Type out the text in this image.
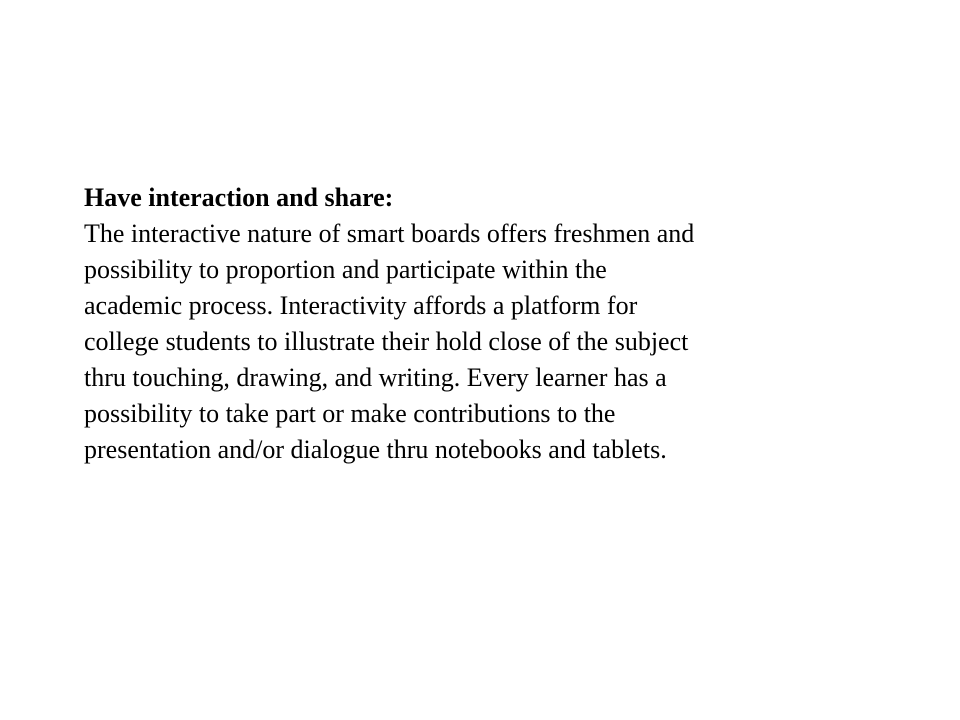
Have interaction and share:

The interactive nature of smart boards offers freshmen and

possibility to proportion and participate within the

academic process. Interactivity affords a platform for

college students to illustrate their hold close of the subject

thru touching, drawing, and writing. Every learner has a

possibility to take part or make contributions to the

presentation and/or dialogue thru notebooks and tablets.
